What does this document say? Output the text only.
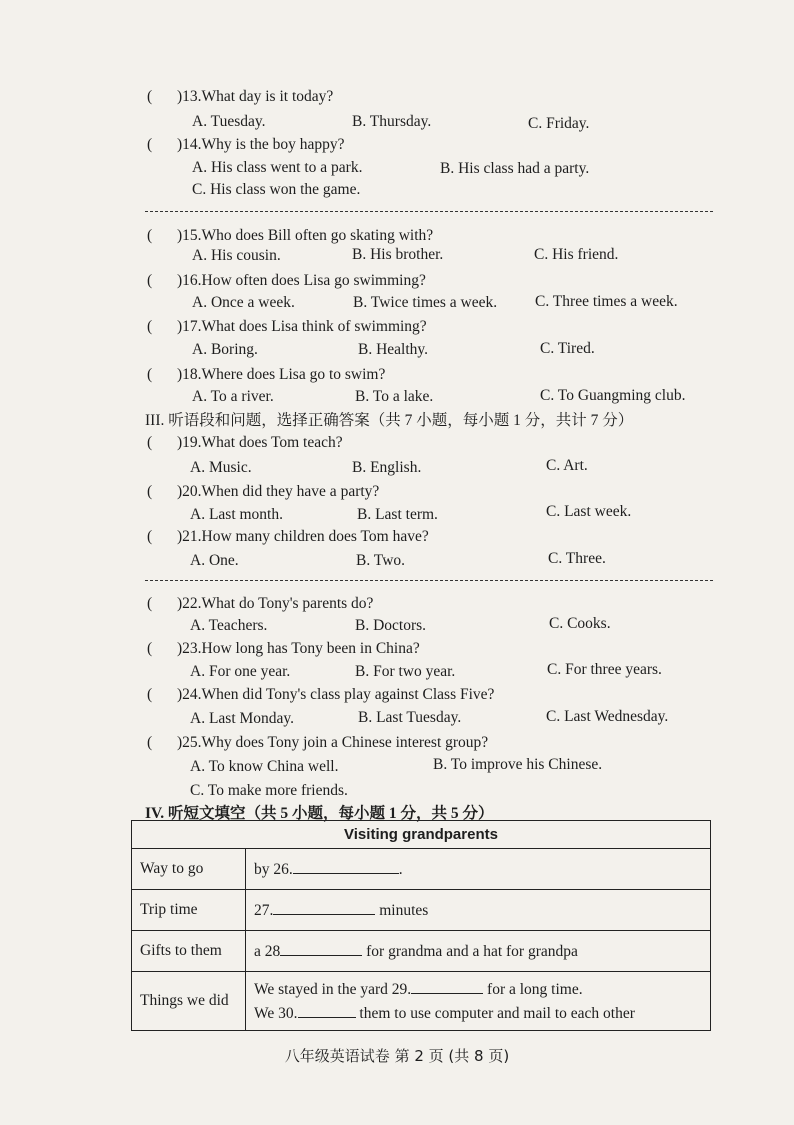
( )13.What day is it today?
A. Tuesday.	B. Thursday.	C. Friday.
( )14.Why is the boy happy?
A. His class went to a park.	B. His class had a party.
C. His class won the game.
( )15.Who does Bill often go skating with?
A. His cousin.	B. His brother.	C. His friend.
( )16.How often does Lisa go swimming?
A. Once a week.	B. Twice times a week. C. Three times a week.
( )17.What does Lisa think of swimming?
A. Boring.	B. Healthy.	C. Tired.
( )18.Where does Lisa go to swim?
A. To a river.	B. To a lake.	C. To Guangming club.
III. 听语段和问题，选择正确答案（共 7 小题，每小题 1 分，共计 7 分）
( )19.What does Tom teach?
A. Music.	B. English.	C. Art.
( )20.When did they have a party?
A. Last month.	B. Last term.	C. Last week.
( )21.How many children does Tom have?
A. One.	B. Two.	C. Three.
( )22.What do Tony's parents do?
A. Teachers.	B. Doctors.	C. Cooks.
( )23.How long has Tony been in China?
A. For one year.	B. For two year.	C. For three years.
( )24.When did Tony's class play against Class Five?
A. Last Monday.	B. Last Tuesday.	C. Last Wednesday.
( )25.Why does Tony join a Chinese interest group?
A. To know China well.	B. To improve his Chinese.
C. To make more friends.
IV. 听短文填空（共 5 小题，每小题 1 分，共 5 分）
Visiting grandparents	
Way to go	by 26. .
Trip time	27. minutes
Gifts to them	a 28 for grandma and a hat for grandpa
Things we did	We stayed in the yard 29. for a long time.
We 30. them to use computer and mail to each other
八年级英语试卷 第 2 页 (共 8 页)
